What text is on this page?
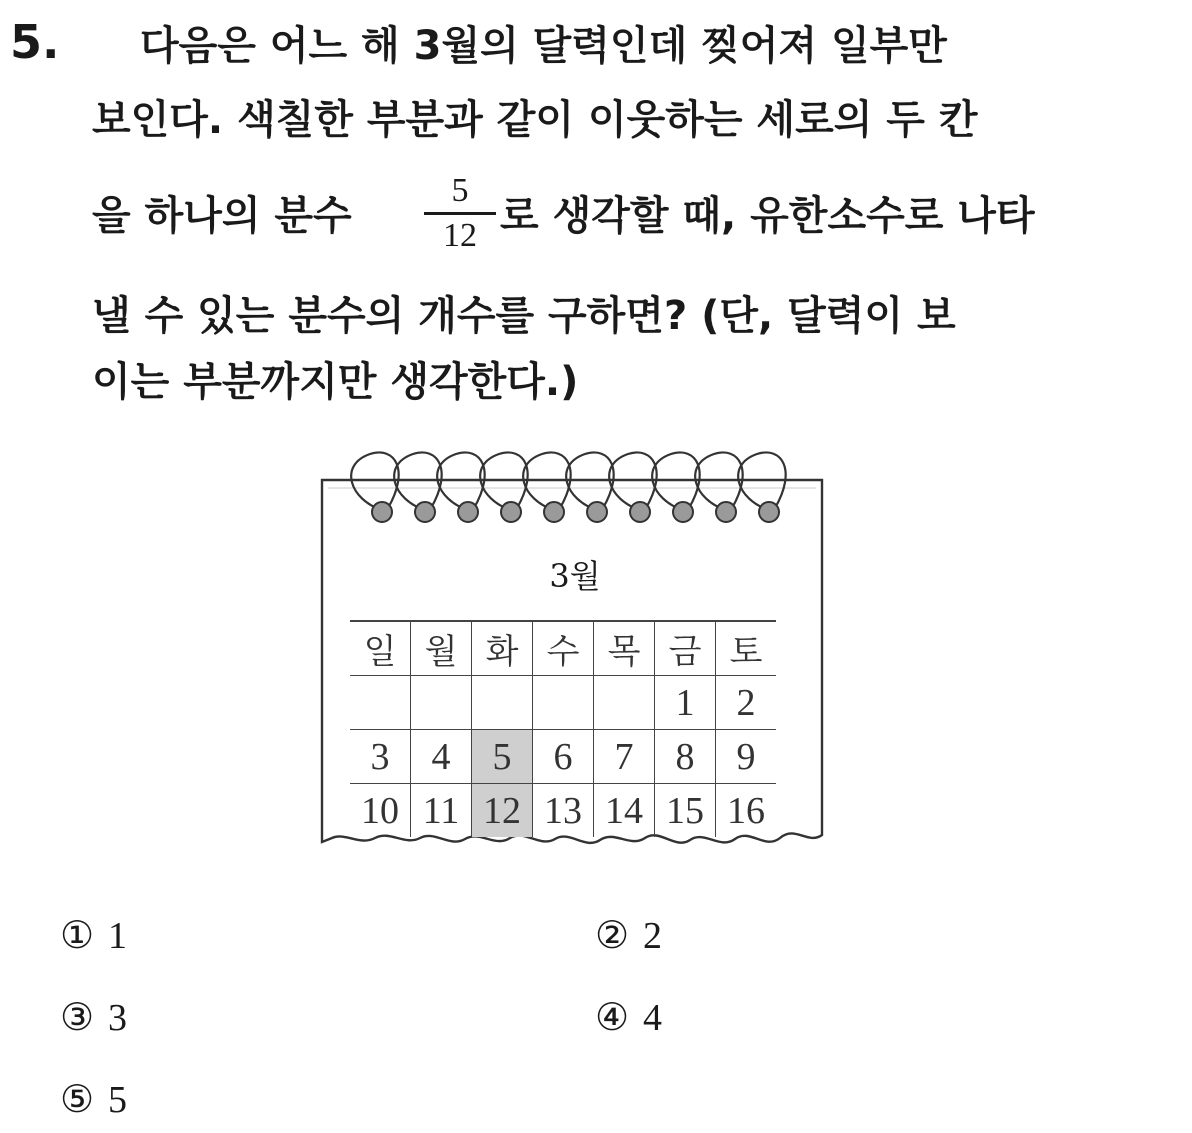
5. 다음은 어느 해 3월의 달력인데 찢어져 일부만
보인다. 색칠한 부분과 같이 이웃하는 세로의 두 칸
을 하나의 분수
5
12 로 생각할 때, 유한소수로 나타
낼 수 있는 분수의 개수를 구하면? (단, 달력이 보
이는 부분까지만 생각한다.)
3월
일	월	화	수	목	금	토
					1	2
3	4	5	6	7	8	9
10	11	12	13	14	15	16
① 1	② 2
③ 3	④ 4
⑤ 5
